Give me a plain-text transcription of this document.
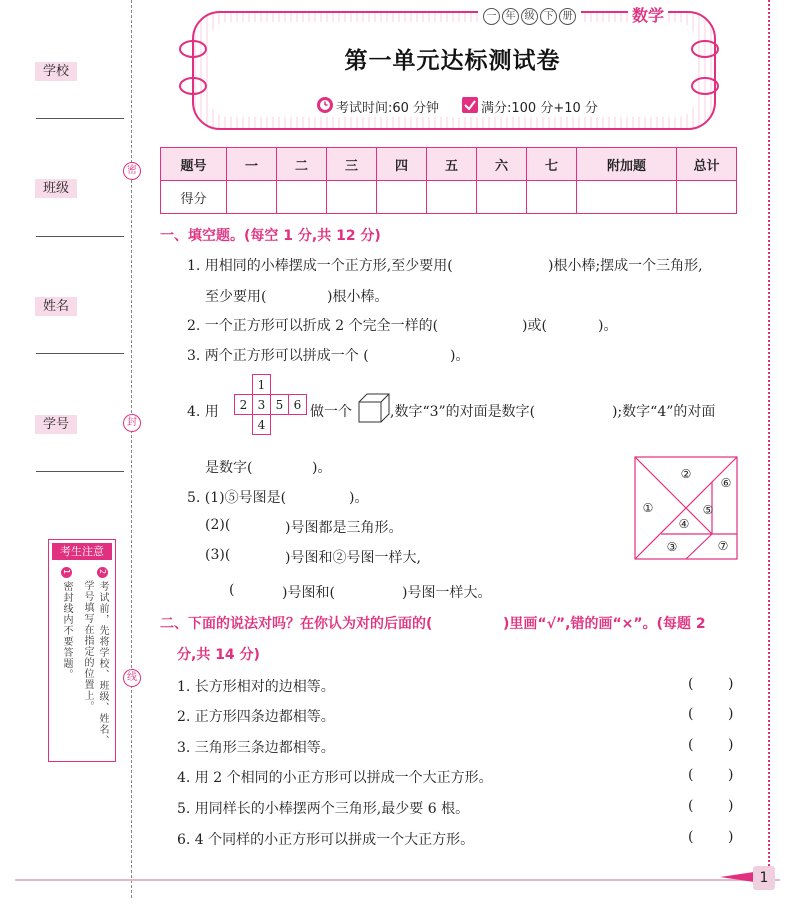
学校
班级
姓名
学号
密
封
线
考生注意
2考试前，先将学校、班级、姓名、
学号填写在指定的位置上。
1密封线内不要答题。
1
一 年 级 下 册	数学
第一单元达标测试卷
考试时间:60 分钟	满分:100 分+10 分
题号	一	二	三	四	五	六	七	附加题	总计
得分									
一、填空题。(每空 1 分,共 12 分)
1. 用相同的小棒摆成一个正方形,至少要用(	)根小棒;摆成一个三角形,
至少要用(	)根小棒。
2. 一个正方形可以折成 2 个完全一样的(	)或(	)。
3. 两个正方形可以拼成一个 (	)。
4. 用
		1		
	2	3	5	6
		4		
做一个	,数字“3”的对面是数字(	);数字“4”的对面
是数字(	)。
5. (1)⑤号图是(	)。
(2)(	)号图都是三角形。
(3)(	)号图和②号图一样大,
(	)号图和(	)号图一样大。
①
②
③
④
⑤
⑥
⑦
二、下面的说法对吗？在你认为对的后面的(	)里画“√”,错的画“×”。(每题 2
分,共 14 分)
1. 长方形相对的边相等。	( )
2. 正方形四条边都相等。	( )
3. 三角形三条边都相等。	( )
4. 用 2 个相同的小正方形可以拼成一个大正方形。	( )
5. 用同样长的小棒摆两个三角形,最少要 6 根。	( )
6. 4 个同样的小正方形可以拼成一个大正方形。	( )
